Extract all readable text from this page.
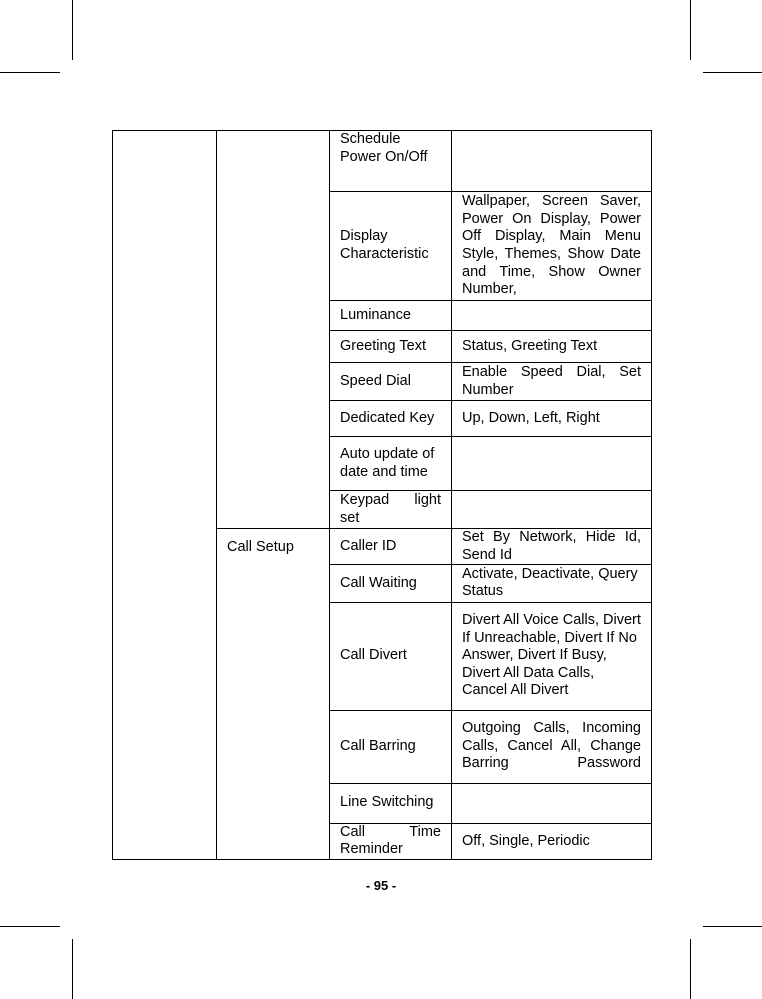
		Schedule Power On/Off	
		Display Characteristic	Wallpaper, Screen Saver, Power On Display, Power Off Display, Main Menu Style, Themes, Show Date and Time, Show Owner Number,
		Luminance	
		Greeting Text	Status, Greeting Text
		Speed Dial	Enable Speed Dial, Set Number
		Dedicated Key	Up, Down, Left, Right
		Auto update of date and time	
		Keypad light set	
	Call Setup	Caller ID	Set By Network, Hide Id, Send Id
		Call Waiting	Activate, Deactivate, Query Status
		Call Divert	Divert All Voice Calls, Divert If Unreachable, Divert If No Answer, Divert If Busy, Divert All Data Calls, Cancel All Divert
		Call Barring	Outgoing Calls, Incoming Calls, Cancel All, Change Barring Password
		Line Switching	
		Call Time Reminder	Off, Single, Periodic
- 95 -
